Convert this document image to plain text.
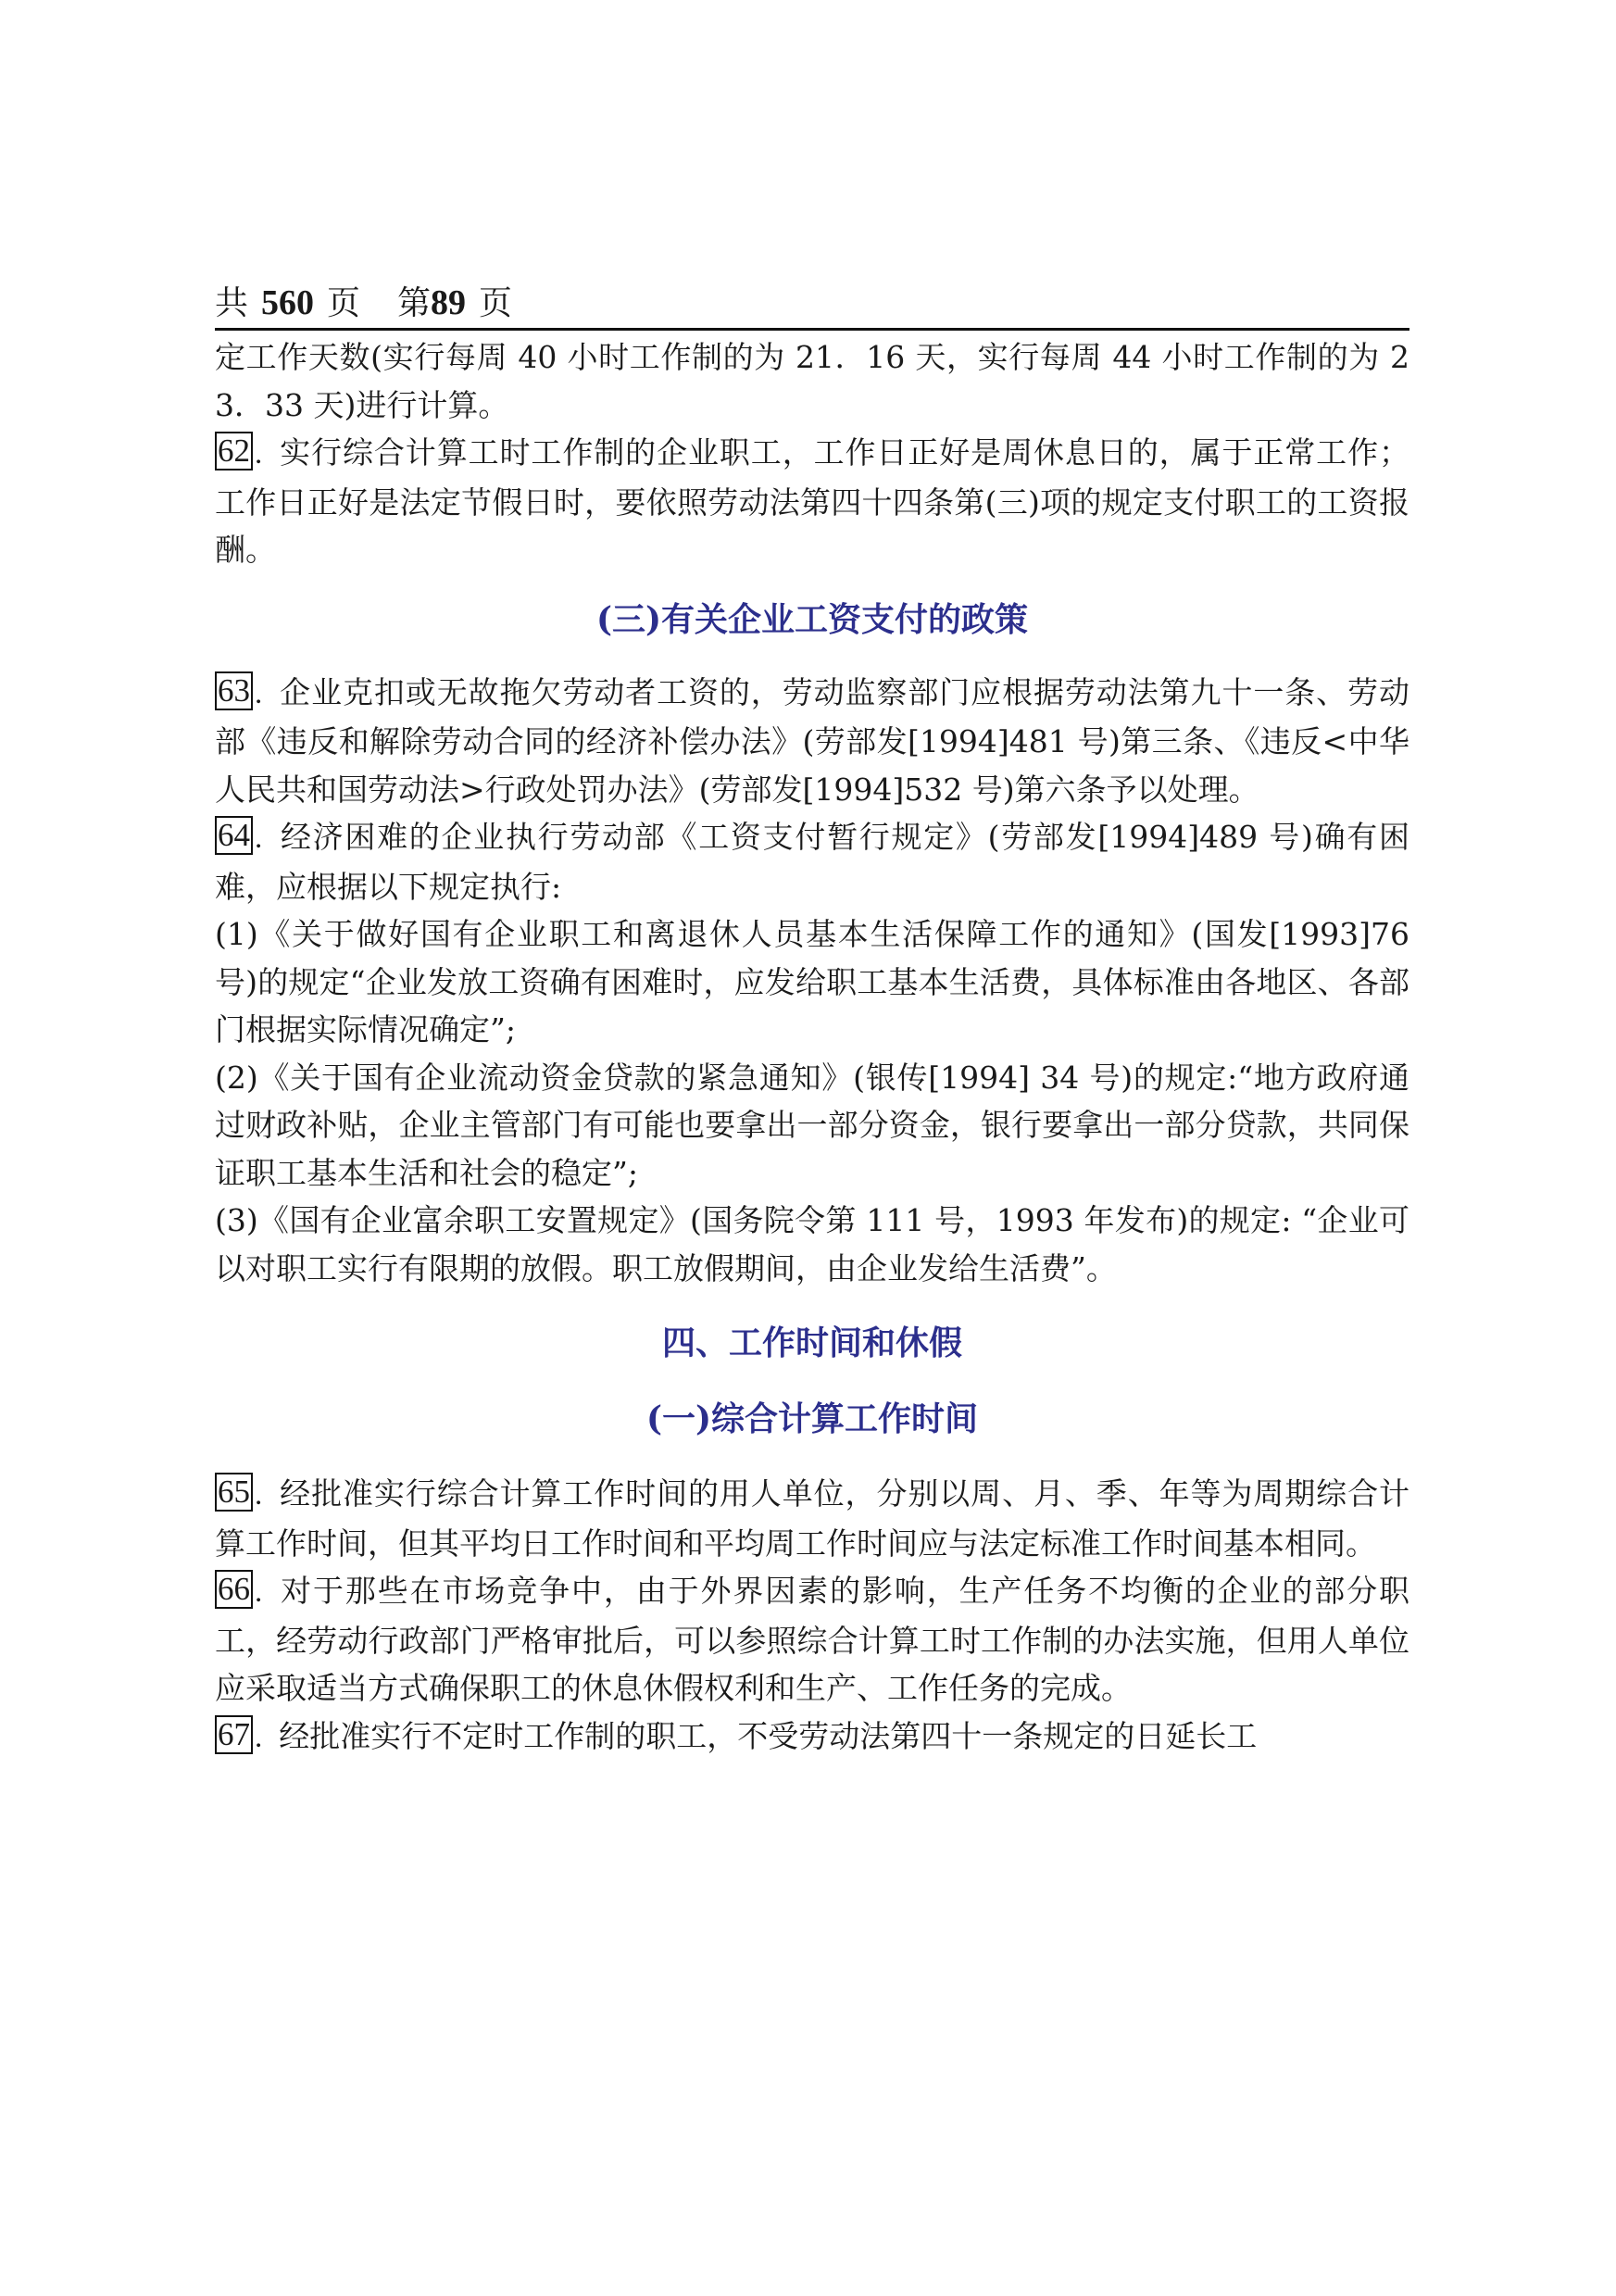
共 560 页 第89 页

定工作天数(实行每周 40 小时工作制的为 21．16 天，实行每周 44 小时工作制的为 23．33 天)进行计算。

62 . 实行综合计算工时工作制的企业职工，工作日正好是周休息日的，属于正常工作；工作日正好是法定节假日时，要依照劳动法第四十四条第(三)项的规定支付职工的工资报酬。

(三)有关企业工资支付的政策

63 . 企业克扣或无故拖欠劳动者工资的，劳动监察部门应根据劳动法第九十一条、劳动部《违反和解除劳动合同的经济补偿办法》(劳部发[1994]481 号)第三条、《违反<中华人民共和国劳动法>行政处罚办法》(劳部发[1994]532 号)第六条予以处理。

64 . 经济困难的企业执行劳动部《工资支付暂行规定》(劳部发[1994]489 号)确有困难，应根据以下规定执行:

(1)《关于做好国有企业职工和离退休人员基本生活保障工作的通知》(国发[1993]76 号)的规定“企业发放工资确有困难时，应发给职工基本生活费，具体标准由各地区、各部门根据实际情况确定”;

(2)《关于国有企业流动资金贷款的紧急通知》(银传[1994] 34 号)的规定:“地方政府通过财政补贴，企业主管部门有可能也要拿出一部分资金，银行要拿出一部分贷款，共同保证职工基本生活和社会的稳定”;

(3)《国有企业富余职工安置规定》(国务院令第 111 号，1993 年发布)的规定: “企业可以对职工实行有限期的放假。职工放假期间，由企业发给生活费”。

四、工作时间和休假

(一)综合计算工作时间

65 . 经批准实行综合计算工作时间的用人单位，分别以周、月、季、年等为周期综合计算工作时间，但其平均日工作时间和平均周工作时间应与法定标准工作时间基本相同。

66 . 对于那些在市场竞争中，由于外界因素的影响，生产任务不均衡的企业的部分职工，经劳动行政部门严格审批后，可以参照综合计算工时工作制的办法实施，但用人单位应采取适当方式确保职工的休息休假权利和生产、工作任务的完成。

67 . 经批准实行不定时工作制的职工，不受劳动法第四十一条规定的日延长工
